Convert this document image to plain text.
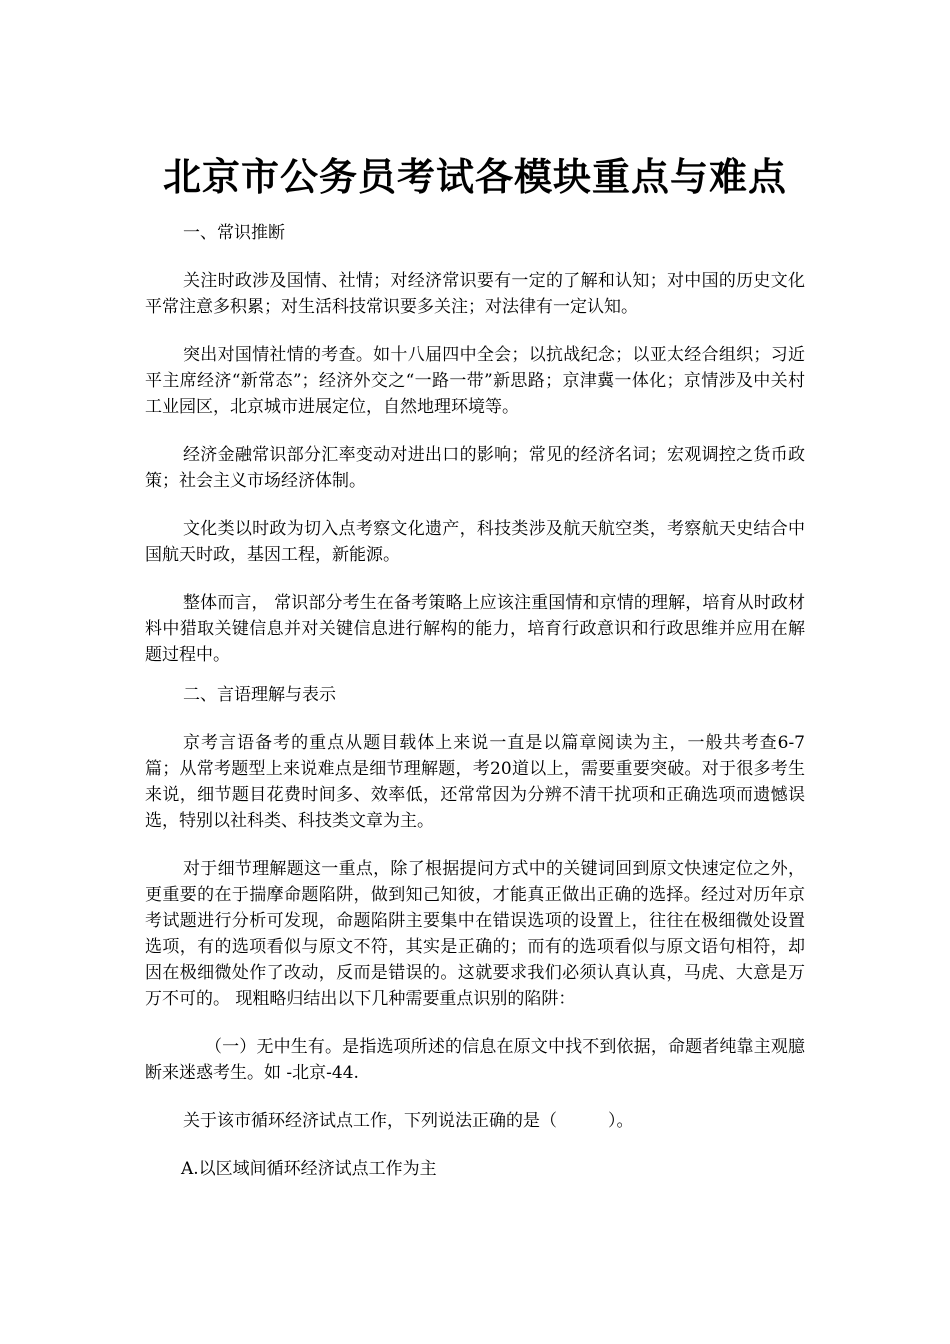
北京市公务员考试各模块重点与难点

一、常识推断

关注时政涉及国情、社情；对经济常识要有一定的了解和认知；对中国的历史文化平常注意多积累；对生活科技常识要多关注；对法律有一定认知。

突出对国情社情的考查。如十八届四中全会；以抗战纪念；以亚太经合组织；习近平主席经济“新常态”；经济外交之“一路一带”新思路；京津冀一体化；京情涉及中关村工业园区，北京城市进展定位，自然地理环境等。

经济金融常识部分汇率变动对进出口的影响；常见的经济名词；宏观调控之货币政策；社会主义市场经济体制。

文化类以时政为切入点考察文化遗产，科技类涉及航天航空类，考察航天史结合中国航天时政，基因工程，新能源。

整体而言， 常识部分考生在备考策略上应该注重国情和京情的理解，培育从时政材料中猎取关键信息并对关键信息进行解构的能力，培育行政意识和行政思维并应用在解题过程中。

二、言语理解与表示

京考言语备考的重点从题目载体上来说一直是以篇章阅读为主，一般共考查6-7篇；从常考题型上来说难点是细节理解题，考20道以上，需要重要突破。对于很多考生来说，细节题目花费时间多、效率低，还常常因为分辨不清干扰项和正确选项而遗憾误选，特别以社科类、科技类文章为主。

对于细节理解题这一重点，除了根据提问方式中的关键词回到原文快速定位之外，更重要的在于揣摩命题陷阱，做到知己知彼，才能真正做出正确的选择。经过对历年京考试题进行分析可发现，命题陷阱主要集中在错误选项的设置上，往往在极细微处设置选项，有的选项看似与原文不符，其实是正确的；而有的选项看似与原文语句相符，却因在极细微处作了改动，反而是错误的。这就要求我们必须认真认真，马虎、大意是万万不可的。 现粗略归结出以下几种需要重点识别的陷阱：

（一）无中生有。是指选项所述的信息在原文中找不到依据，命题者纯靠主观臆断来迷惑考生。如 -北京-44.

关于该市循环经济试点工作，下列说法正确的是（　　　）。

A.以区域间循环经济试点工作为主
